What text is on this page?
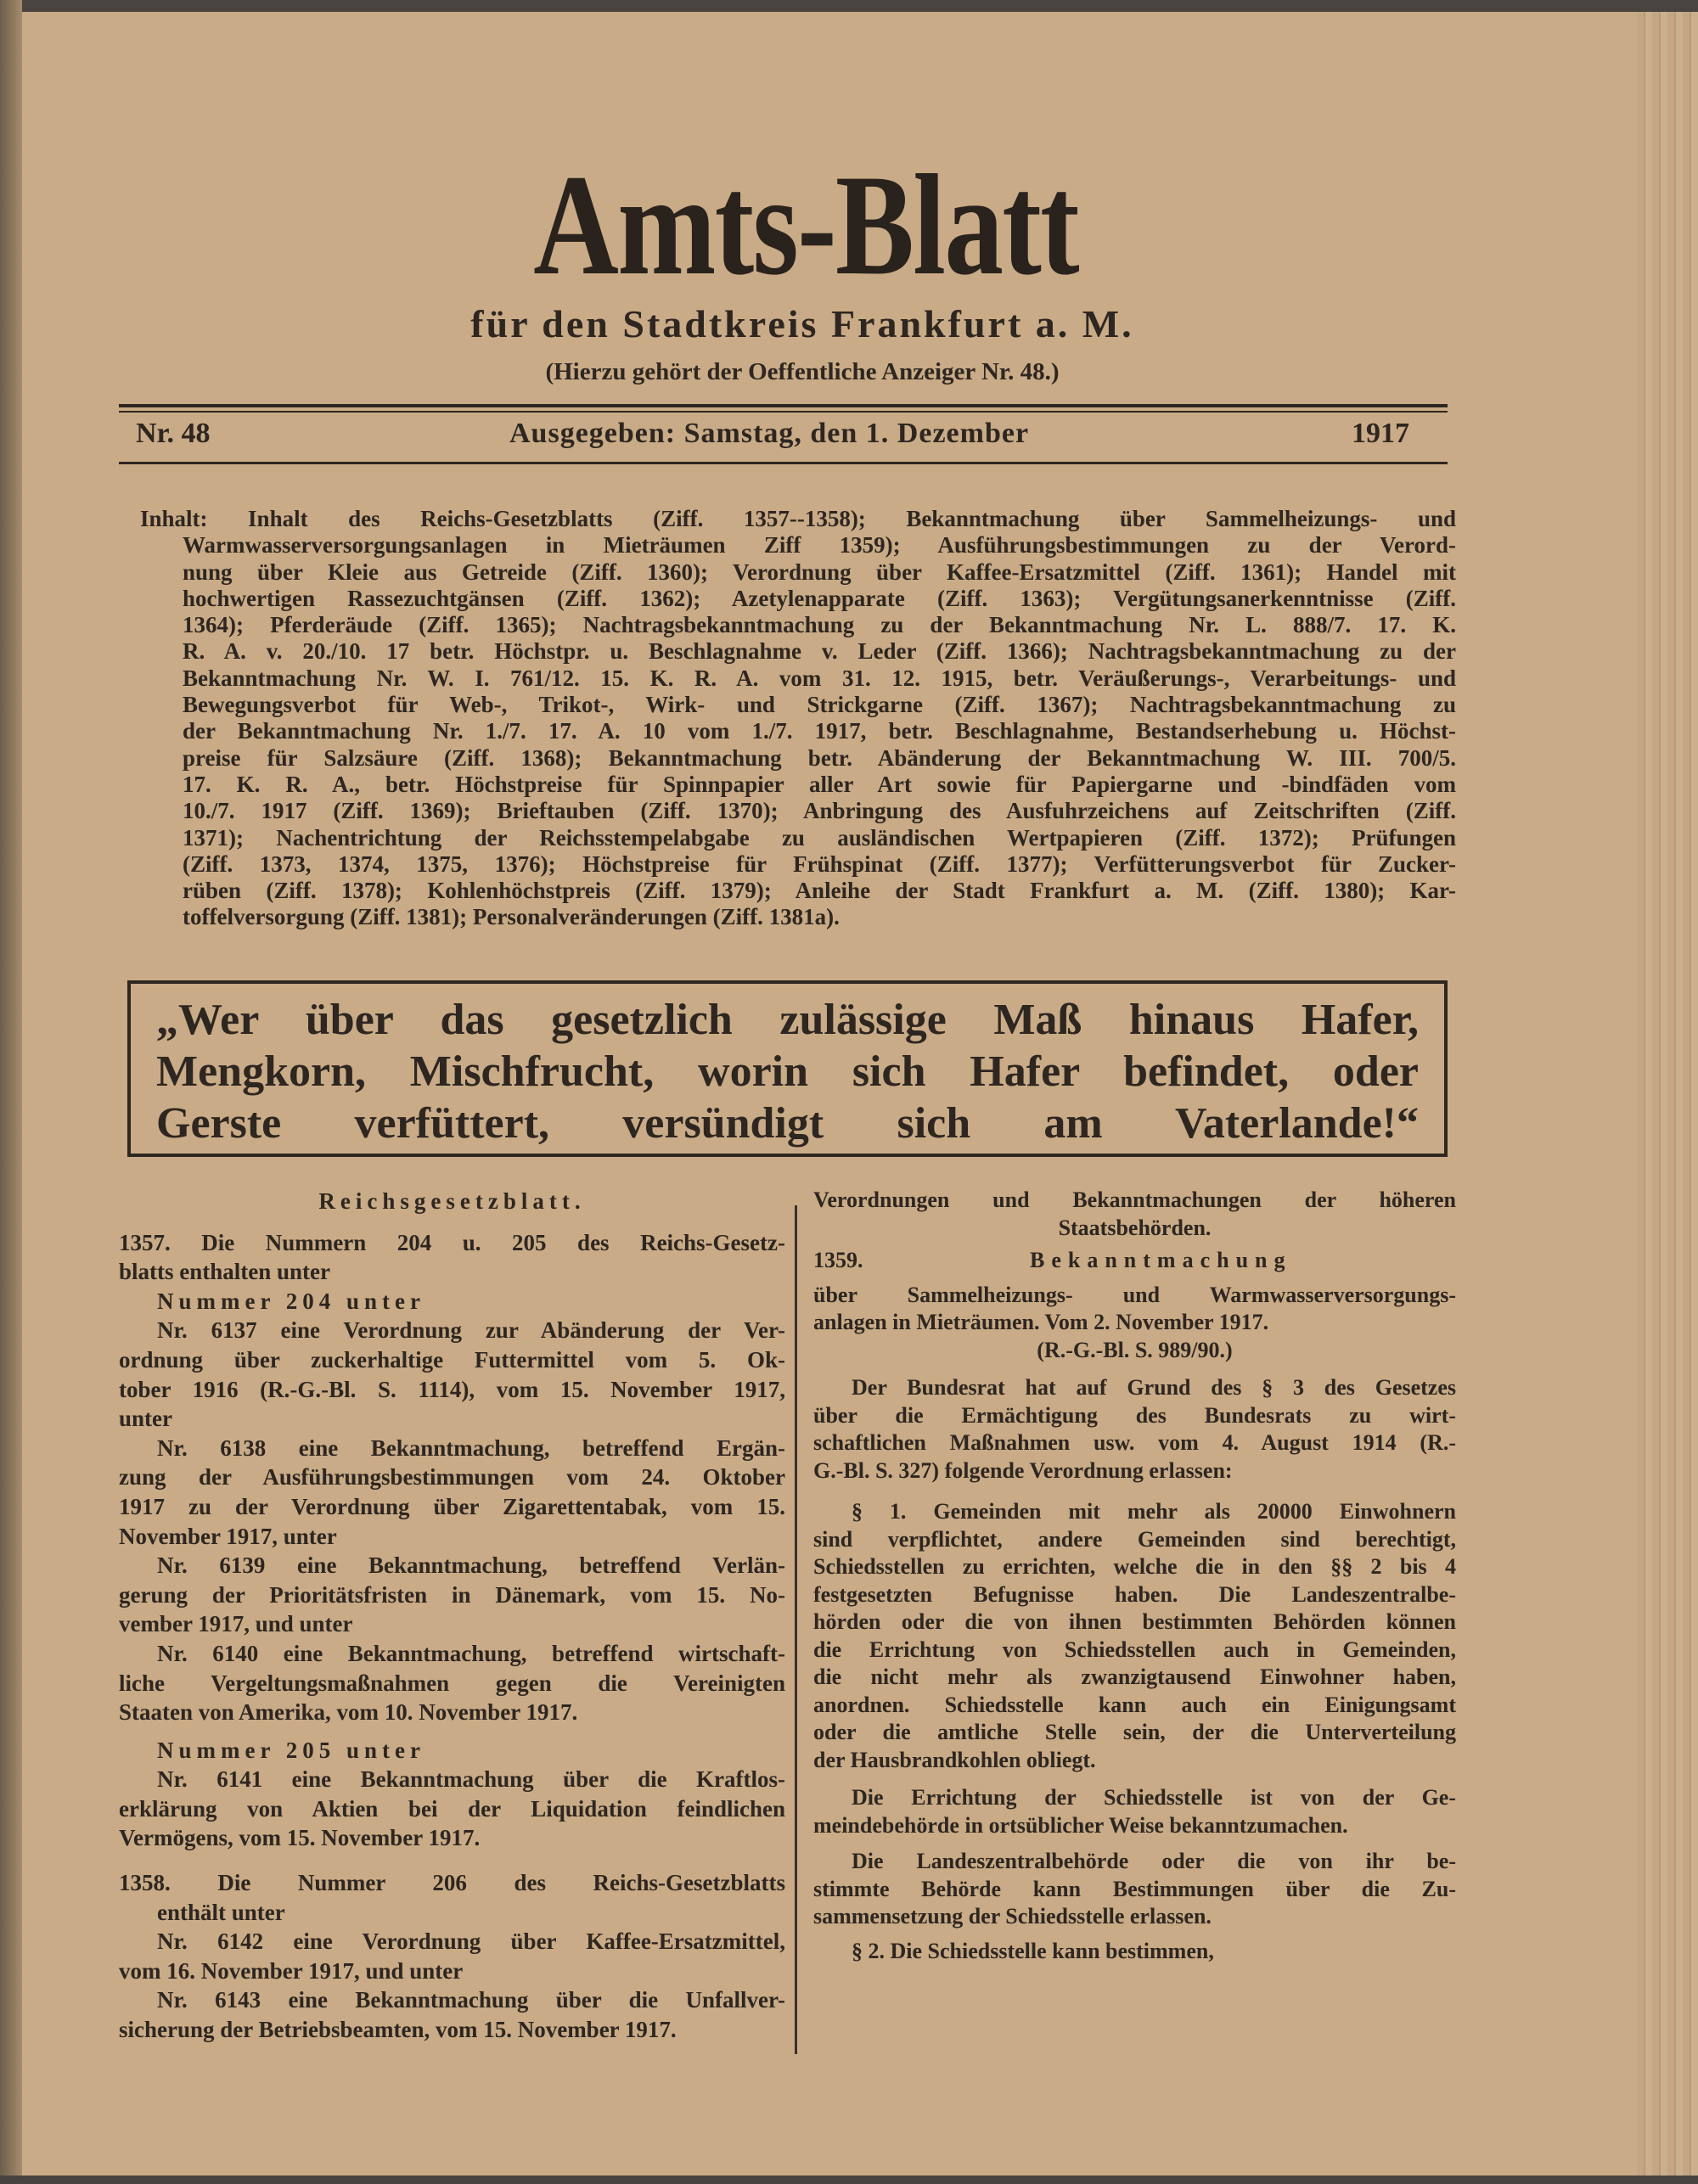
Amts-Blatt
für den Stadtkreis Frankfurt a. M.
(Hierzu gehört der Oeffentliche Anzeiger Nr. 48.)
Nr. 48	Ausgegeben: Samstag, den 1. Dezember	1917
Inhalt: Inhalt des Reichs-Gesetzblatts (Ziff. 1357--1358); Bekanntmachung über Sammelheizungs- und
Warmwasserversorgungsanlagen in Mieträumen Ziff 1359); Ausführungsbestimmungen zu der Verord-
nung über Kleie aus Getreide (Ziff. 1360); Verordnung über Kaffee-Ersatzmittel (Ziff. 1361); Handel mit
hochwertigen Rassezuchtgänsen (Ziff. 1362); Azetylenapparate (Ziff. 1363); Vergütungsanerkenntnisse (Ziff.
1364); Pferderäude (Ziff. 1365); Nachtragsbekanntmachung zu der Bekanntmachung Nr. L. 888/7. 17. K.
R. A. v. 20./10. 17 betr. Höchstpr. u. Beschlagnahme v. Leder (Ziff. 1366); Nachtragsbekanntmachung zu der
Bekanntmachung Nr. W. I. 761/12. 15. K. R. A. vom 31. 12. 1915, betr. Veräußerungs-, Verarbeitungs- und
Bewegungsverbot für Web-, Trikot-, Wirk- und Strickgarne (Ziff. 1367); Nachtragsbekanntmachung zu
der Bekanntmachung Nr. 1./7. 17. A. 10 vom 1./7. 1917, betr. Beschlagnahme, Bestandserhebung u. Höchst-
preise für Salzsäure (Ziff. 1368); Bekanntmachung betr. Abänderung der Bekanntmachung W. III. 700/5.
17. K. R. A., betr. Höchstpreise für Spinnpapier aller Art sowie für Papiergarne und -bindfäden vom
10./7. 1917 (Ziff. 1369); Brieftauben (Ziff. 1370); Anbringung des Ausfuhrzeichens auf Zeitschriften (Ziff.
1371); Nachentrichtung der Reichsstempelabgabe zu ausländischen Wertpapieren (Ziff. 1372); Prüfungen
(Ziff. 1373, 1374, 1375, 1376); Höchstpreise für Frühspinat (Ziff. 1377); Verfütterungsverbot für Zucker-
rüben (Ziff. 1378); Kohlenhöchstpreis (Ziff. 1379); Anleihe der Stadt Frankfurt a. M. (Ziff. 1380); Kar-
toffelversorgung (Ziff. 1381); Personalveränderungen (Ziff. 1381a).
„Wer über das gesetzlich zulässige Maß hinaus Hafer,
Mengkorn, Mischfrucht, worin sich Hafer befindet, oder
Gerste verfüttert, versündigt sich am Vaterlande!“
Reichsgesetzblatt.
1357. Die Nummern 204 u. 205 des Reichs-Gesetz-
blatts enthalten unter
Nummer 204 unter
Nr. 6137 eine Verordnung zur Abänderung der Ver-
ordnung über zuckerhaltige Futtermittel vom 5. Ok-
tober 1916 (R.-G.-Bl. S. 1114), vom 15. November 1917,
unter
Nr. 6138 eine Bekanntmachung, betreffend Ergän-
zung der Ausführungsbestimmungen vom 24. Oktober
1917 zu der Verordnung über Zigarettentabak, vom 15.
November 1917, unter
Nr. 6139 eine Bekanntmachung, betreffend Verlän-
gerung der Prioritätsfristen in Dänemark, vom 15. No-
vember 1917, und unter
Nr. 6140 eine Bekanntmachung, betreffend wirtschaft-
liche Vergeltungsmaßnahmen gegen die Vereinigten
Staaten von Amerika, vom 10. November 1917.
Nummer 205 unter
Nr. 6141 eine Bekanntmachung über die Kraftlos-
erklärung von Aktien bei der Liquidation feindlichen
Vermögens, vom 15. November 1917.
1358. Die Nummer 206 des Reichs-Gesetzblatts
enthält unter
Nr. 6142 eine Verordnung über Kaffee-Ersatzmittel,
vom 16. November 1917, und unter
Nr. 6143 eine Bekanntmachung über die Unfallver-
sicherung der Betriebsbeamten, vom 15. November 1917.
Verordnungen und Bekanntmachungen der höheren
Staatsbehörden.
1359.	Bekanntmachung
über Sammelheizungs- und Warmwasserversorgungs-
anlagen in Mieträumen. Vom 2. November 1917.
(R.-G.-Bl. S. 989/90.)
Der Bundesrat hat auf Grund des § 3 des Gesetzes
über die Ermächtigung des Bundesrats zu wirt-
schaftlichen Maßnahmen usw. vom 4. August 1914 (R.-
G.-Bl. S. 327) folgende Verordnung erlassen:
§ 1. Gemeinden mit mehr als 20000 Einwohnern
sind verpflichtet, andere Gemeinden sind berechtigt,
Schiedsstellen zu errichten, welche die in den §§ 2 bis 4
festgesetzten Befugnisse haben. Die Landeszentralbe-
hörden oder die von ihnen bestimmten Behörden können
die Errichtung von Schiedsstellen auch in Gemeinden,
die nicht mehr als zwanzigtausend Einwohner haben,
anordnen. Schiedsstelle kann auch ein Einigungsamt
oder die amtliche Stelle sein, der die Unterverteilung
der Hausbrandkohlen obliegt.
Die Errichtung der Schiedsstelle ist von der Ge-
meindebehörde in ortsüblicher Weise bekanntzumachen.
Die Landeszentralbehörde oder die von ihr be-
stimmte Behörde kann Bestimmungen über die Zu-
sammensetzung der Schiedsstelle erlassen.
§ 2. Die Schiedsstelle kann bestimmen,
